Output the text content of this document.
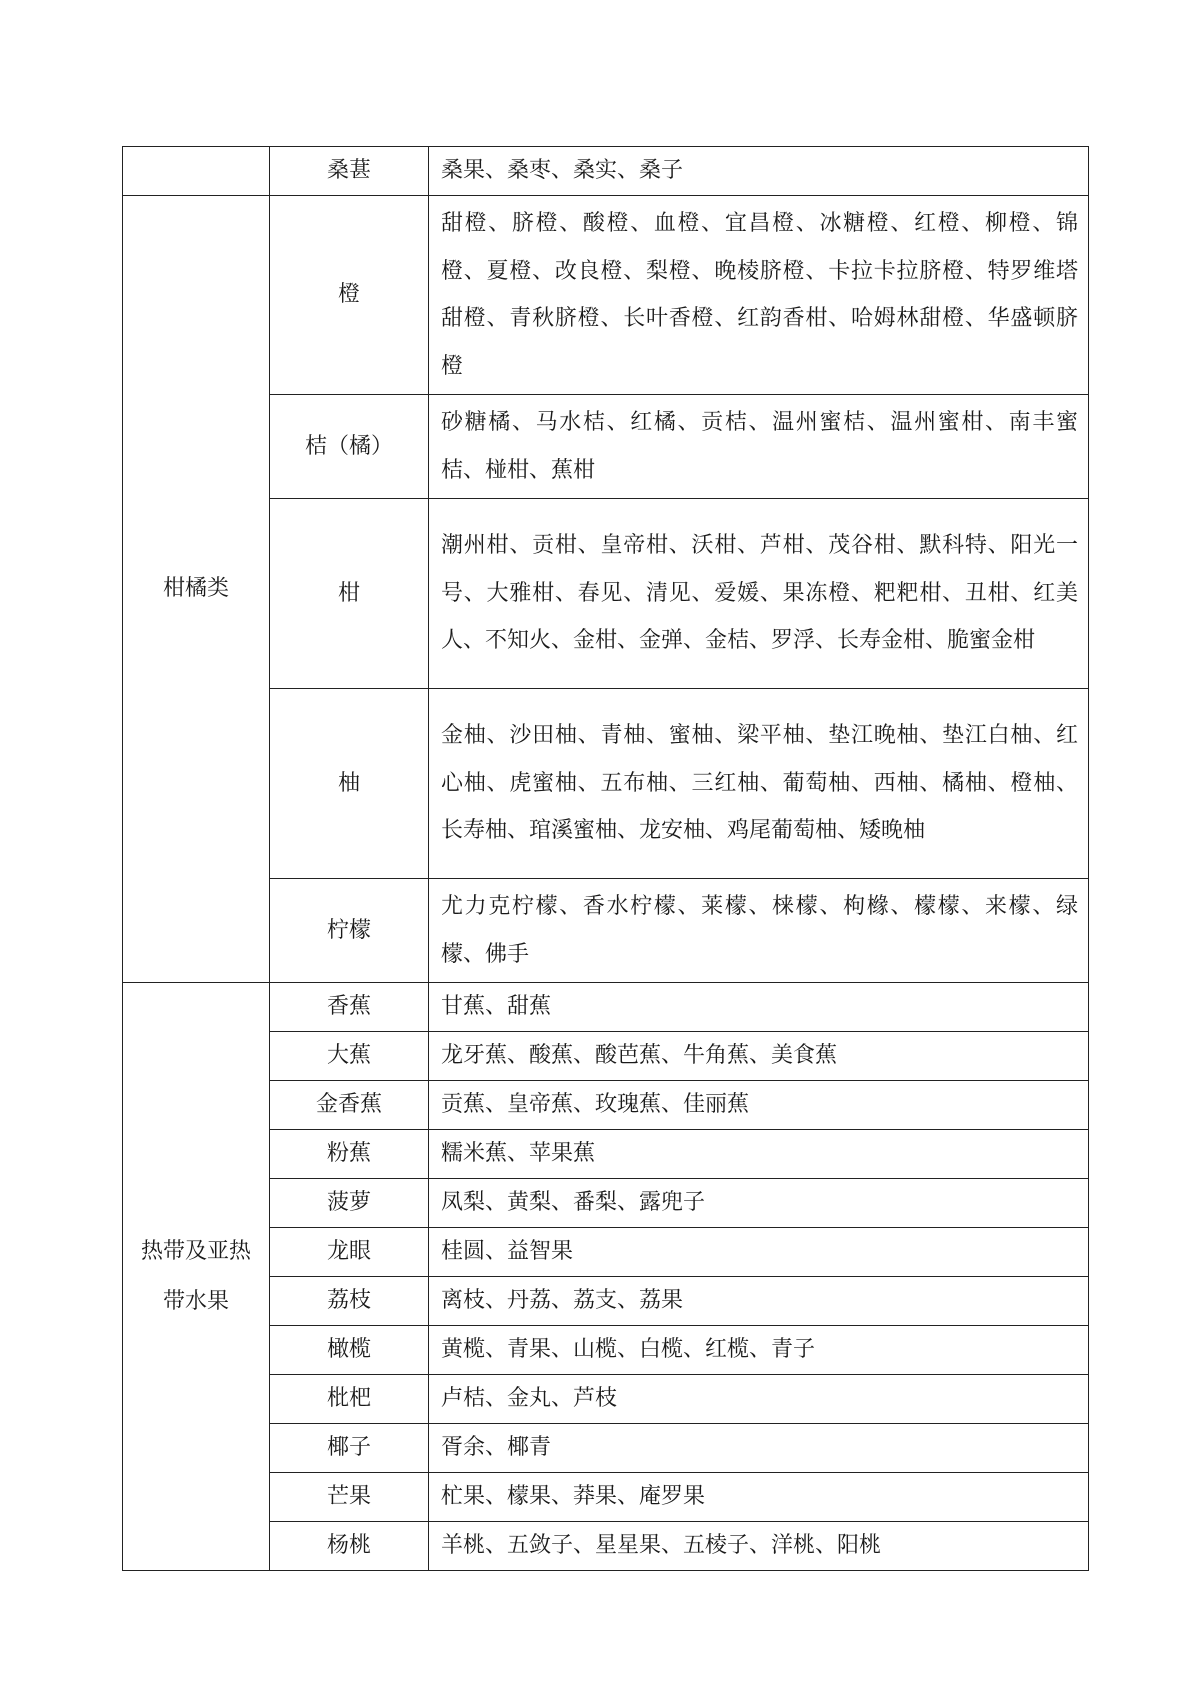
	桑葚	桑果、桑枣、桑实、桑子
柑橘类	橙	甜橙、脐橙、酸橙、血橙、宜昌橙、冰糖橙、红橙、柳橙、锦橙、夏橙、改良橙、梨橙、晚棱脐橙、卡拉卡拉脐橙、特罗维塔甜橙、青秋脐橙、长叶香橙、红韵香柑、哈姆林甜橙、华盛顿脐橙
	桔（橘）	砂糖橘、马水桔、红橘、贡桔、温州蜜桔、温州蜜柑、南丰蜜桔、椪柑、蕉柑
	柑	潮州柑、贡柑、皇帝柑、沃柑、芦柑、茂谷柑、默科特、阳光一号、大雅柑、春见、清见、爱媛、果冻橙、粑粑柑、丑柑、红美人、不知火、金柑、金弹、金桔、罗浮、长寿金柑、脆蜜金柑
	柚	金柚、沙田柚、青柚、蜜柚、梁平柚、垫江晚柚、垫江白柚、红心柚、虎蜜柚、五布柚、三红柚、葡萄柚、西柚、橘柚、橙柚、长寿柚、琯溪蜜柚、龙安柚、鸡尾葡萄柚、矮晚柚
	柠檬	尤力克柠檬、香水柠檬、莱檬、梾檬、枸橼、檬檬、来檬、绿檬、佛手
热带及亚热带水果	香蕉	甘蕉、甜蕉
	大蕉	龙牙蕉、酸蕉、酸芭蕉、牛角蕉、美食蕉
	金香蕉	贡蕉、皇帝蕉、玫瑰蕉、佳丽蕉
	粉蕉	糯米蕉、苹果蕉
	菠萝	凤梨、黄梨、番梨、露兜子
	龙眼	桂圆、益智果
	荔枝	离枝、丹荔、荔支、荔果
	橄榄	黄榄、青果、山榄、白榄、红榄、青子
	枇杷	卢桔、金丸、芦枝
	椰子	胥余、椰青
	芒果	杧果、檬果、莽果、庵罗果
	杨桃	羊桃、五敛子、星星果、五棱子、洋桃、阳桃
